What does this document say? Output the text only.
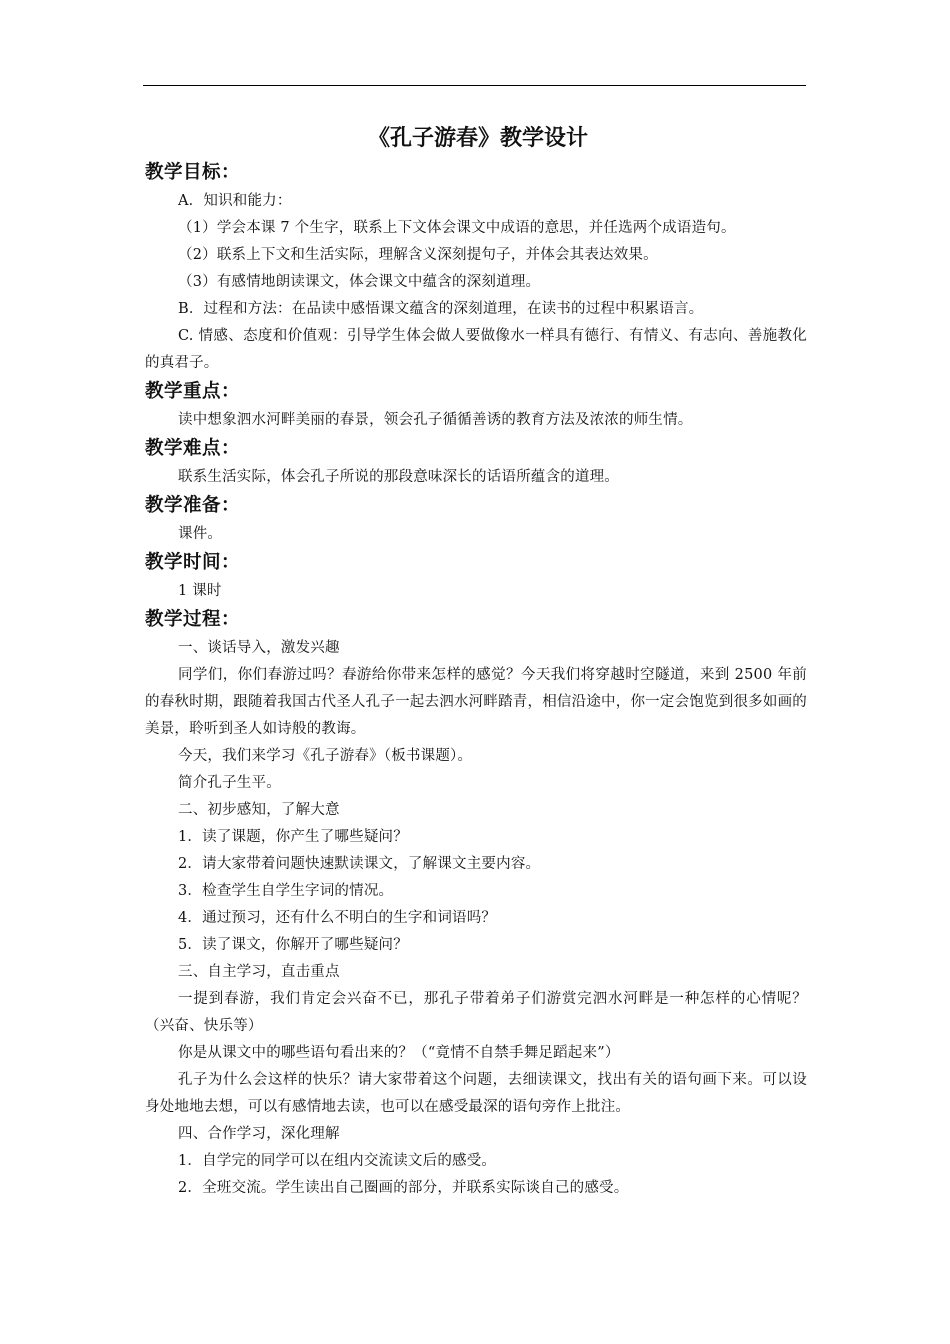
《孔子游春》教学设计
教学目标：

A．知识和能力：

（1）学会本课 7 个生字，联系上下文体会课文中成语的意思，并任选两个成语造句。

（2）联系上下文和生活实际，理解含义深刻提句子，并体会其表达效果。

（3）有感情地朗读课文，体会课文中蕴含的深刻道理。

B．过程和方法：在品读中感悟课文蕴含的深刻道理，在读书的过程中积累语言。

C. 情感、态度和价值观：引导学生体会做人要做像水一样具有德行、有情义、有志向、善施教化的真君子。

教学重点：

读中想象泗水河畔美丽的春景，领会孔子循循善诱的教育方法及浓浓的师生情。

教学难点：

联系生活实际，体会孔子所说的那段意味深长的话语所蕴含的道理。

教学准备：

课件。

教学时间：

1 课时

教学过程：

一、谈话导入，激发兴趣

同学们，你们春游过吗？春游给你带来怎样的感觉？今天我们将穿越时空隧道，来到 2500 年前的春秋时期，跟随着我国古代圣人孔子一起去泗水河畔踏青，相信沿途中，你一定会饱览到很多如画的美景，聆听到圣人如诗般的教诲。

今天，我们来学习《孔子游春》（板书课题）。

简介孔子生平。

二、初步感知，了解大意

1．读了课题，你产生了哪些疑问？

2．请大家带着问题快速默读课文，了解课文主要内容。

3．检查学生自学生字词的情况。

4．通过预习，还有什么不明白的生字和词语吗？

5．读了课文，你解开了哪些疑问？

三、自主学习，直击重点

一提到春游，我们肯定会兴奋不已，那孔子带着弟子们游赏完泗水河畔是一种怎样的心情呢？（兴奋、快乐等）

你是从课文中的哪些语句看出来的？（“竟情不自禁手舞足蹈起来”）

孔子为什么会这样的快乐？请大家带着这个问题，去细读课文，找出有关的语句画下来。可以设身处地地去想，可以有感情地去读，也可以在感受最深的语句旁作上批注。

四、合作学习，深化理解

1．自学完的同学可以在组内交流读文后的感受。

2．全班交流。学生读出自己圈画的部分，并联系实际谈自己的感受。
